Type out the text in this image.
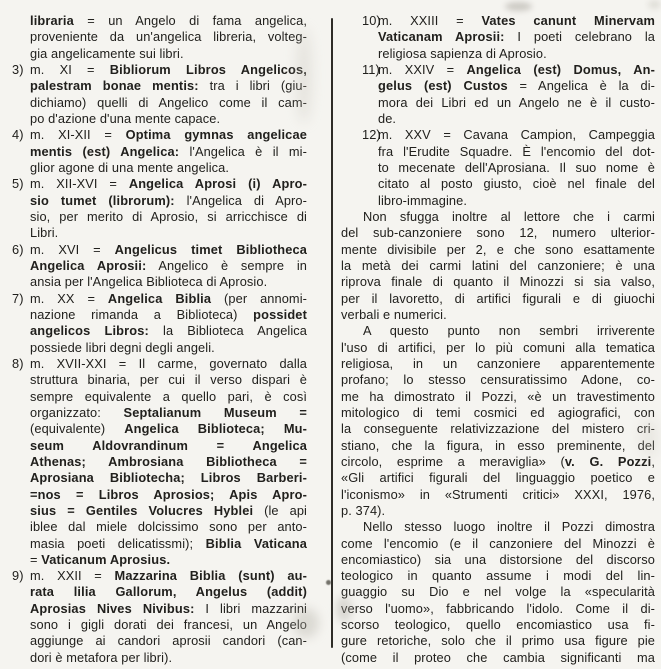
libraria = un Angelo di fama angelica,
proveniente da un'angelica libreria, volteg-
gia angelicamente sui libri.
3) m. XI = Bibliorum Libros Angelicos,
palestram bonae mentis: tra i libri (giu-
dichiamo) quelli di Angelico come il cam-
po d'azione d'una mente capace.
4) m. XI-XII = Optima gymnas angelicae
mentis (est) Angelica: l'Angelica è il mi-
glior agone di una mente angelica.
5) m. XII-XVI = Angelica Aprosi (i) Apro-
sio tumet (librorum): l'Angelica di Apro-
sio, per merito di Aprosio, si arricchisce di
Libri.
6) m. XVI = Angelicus timet Bibliotheca
Angelica Aprosii: Angelico è sempre in
ansia per l'Angelica Biblioteca di Aprosio.
7) m. XX = Angelica Biblia (per annomi-
nazione rimanda a Biblioteca) possidet
angelicos Libros: la Biblioteca Angelica
possiede libri degni degli angeli.
8) m. XVII-XXI = Il carme, governato dalla
struttura binaria, per cui il verso dispari è
sempre equivalente a quello pari, è così
organizzato: Septalianum Museum =
(equivalente) Angelica Biblioteca; Mu-
seum Aldovrandinum = Angelica
Athenas; Ambrosiana Bibliotheca =
Aprosiana Bibliotecha; Libros Barberi-
=nos = Libros Aprosios; Apis Apro-
sius = Gentiles Volucres Hyblei (le api
iblee dal miele dolcissimo sono per anto-
masia poeti delicatissmi); Biblia Vaticana
= Vaticanum Aprosius.
9) m. XXII = Mazzarina Biblia (sunt) au-
rata lilia Gallorum, Angelus (addit)
Aprosias Nives Nivibus: I libri mazzarini
sono i gigli dorati dei francesi, un Angelo
aggiunge ai candori aprosii candori (can-
dori è metafora per libri).
10)
m. XXIII = Vates canunt Minervam
Vaticanam Aprosii: I poeti celebrano la
religiosa sapienza di Aprosio.
11)
m. XXIV = Angelica (est) Domus, An-
gelus (est) Custos = Angelica è la di-
mora dei Libri ed un Angelo ne è il custo-
de.
12)
m. XXV = Cavana Campion, Campeggia
fra l'Erudite Squadre. È l'encomio del dot-
to mecenate dell'Aprosiana. Il suo nome è
citato al posto giusto, cioè nel finale del
libro-immagine.
Non sfugga inoltre al lettore che i carmi
del sub-canzoniere sono 12, numero ulterior-
mente divisibile per 2, e che sono esattamente
la metà dei carmi latini del canzoniere; è una
riprova finale di quanto il Minozzi si sia valso,
per il lavoretto, di artifici figurali e di giuochi
verbali e numerici.
A questo punto non sembri irriverente
l'uso di artifici, per lo più comuni alla tematica
religiosa, in un canzoniere apparentemente
profano; lo stesso censuratissimo Adone, co-
me ha dimostrato il Pozzi, «è un travestimento
mitologico di temi cosmici ed agiografici, con
la conseguente relativizzazione del mistero cri-
stiano, che la figura, in esso preminente, del
circolo, esprime a meraviglia» (v. G. Pozzi,
«Gli artifici figurali del linguaggio poetico e
l'iconismo» in «Strumenti critici» XXXI, 1976,
p. 374).
Nello stesso luogo inoltre il Pozzi dimostra
come l'encomio (e il canzoniere del Minozzi è
encomiastico) sia una distorsione del discorso
teologico in quanto assume i modi del lin-
guaggio su Dio e nel volge la «specularità
verso l'uomo», fabbricando l'idolo. Come il di-
scorso teologico, quello encomiastico usa fi-
gure retoriche, solo che il primo usa figure pie
(come il proteo che cambia significanti ma
